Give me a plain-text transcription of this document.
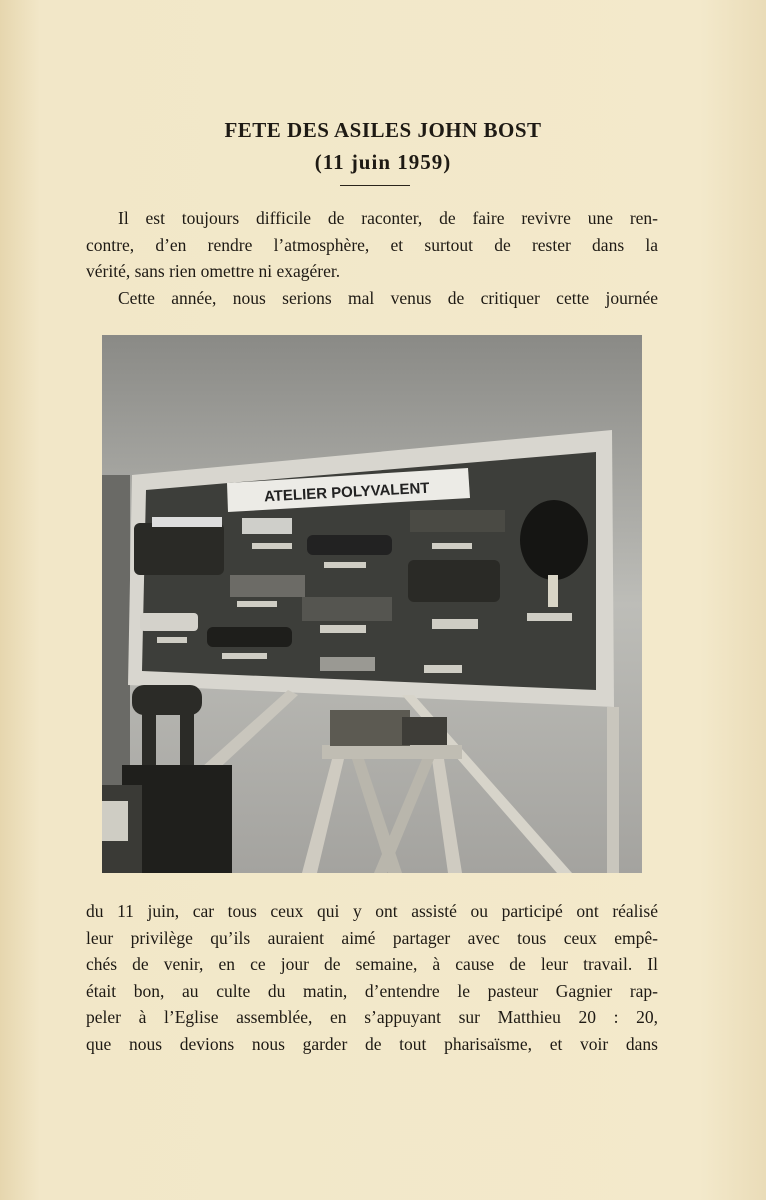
FETE DES ASILES JOHN BOST
(11 juin 1959)
Il est toujours difficile de raconter, de faire revivre une ren-
contre, d’en rendre l’atmosphère, et surtout de rester dans la
vérité, sans rien omettre ni exagérer.
Cette année, nous serions mal venus de critiquer cette journée
ATELIER POLYVALENT
du 11 juin, car tous ceux qui y ont assisté ou participé ont réalisé
leur privilège qu’ils auraient aimé partager avec tous ceux empê-
chés de venir, en ce jour de semaine, à cause de leur travail. Il
était bon, au culte du matin, d’entendre le pasteur Gagnier rap-
peler à l’Eglise assemblée, en s’appuyant sur Matthieu 20 : 20,
que nous devions nous garder de tout pharisaïsme, et voir dans
